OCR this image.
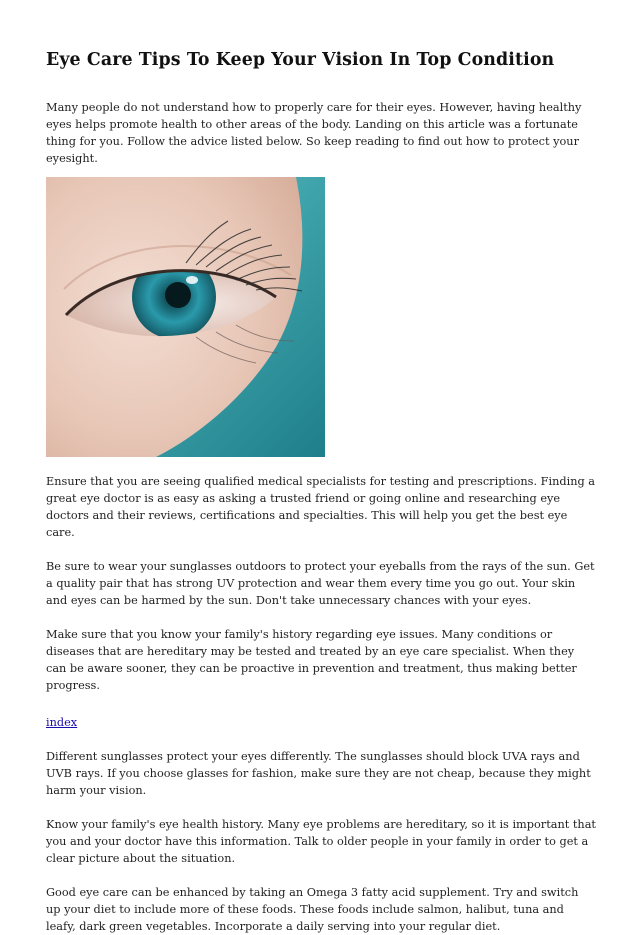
Eye Care Tips To Keep Your Vision In Top Condition

Many people do not understand how to properly care for their eyes. However, having healthy eyes helps promote health to other areas of the body. Landing on this article was a fortunate thing for you. Follow the advice listed below. So keep reading to find out how to protect your eyesight.

Ensure that you are seeing qualified medical specialists for testing and prescriptions. Finding a great eye doctor is as easy as asking a trusted friend or going online and researching eye doctors and their reviews, certifications and specialties. This will help you get the best eye care.

Be sure to wear your sunglasses outdoors to protect your eyeballs from the rays of the sun. Get a quality pair that has strong UV protection and wear them every time you go out. Your skin and eyes can be harmed by the sun. Don't take unnecessary chances with your eyes.

Make sure that you know your family's history regarding eye issues. Many conditions or diseases that are hereditary may be tested and treated by an eye care specialist. When they can be aware sooner, they can be proactive in prevention and treatment, thus making better progress.

index

Different sunglasses protect your eyes differently. The sunglasses should block UVA rays and UVB rays. If you choose glasses for fashion, make sure they are not cheap, because they might harm your vision.

Know your family's eye health history. Many eye problems are hereditary, so it is important that you and your doctor have this information. Talk to older people in your family in order to get a clear picture about the situation.

Good eye care can be enhanced by taking an Omega 3 fatty acid supplement. Try and switch up your diet to include more of these foods. These foods include salmon, halibut, tuna and leafy, dark green vegetables. Incorporate a daily serving into your regular diet.
